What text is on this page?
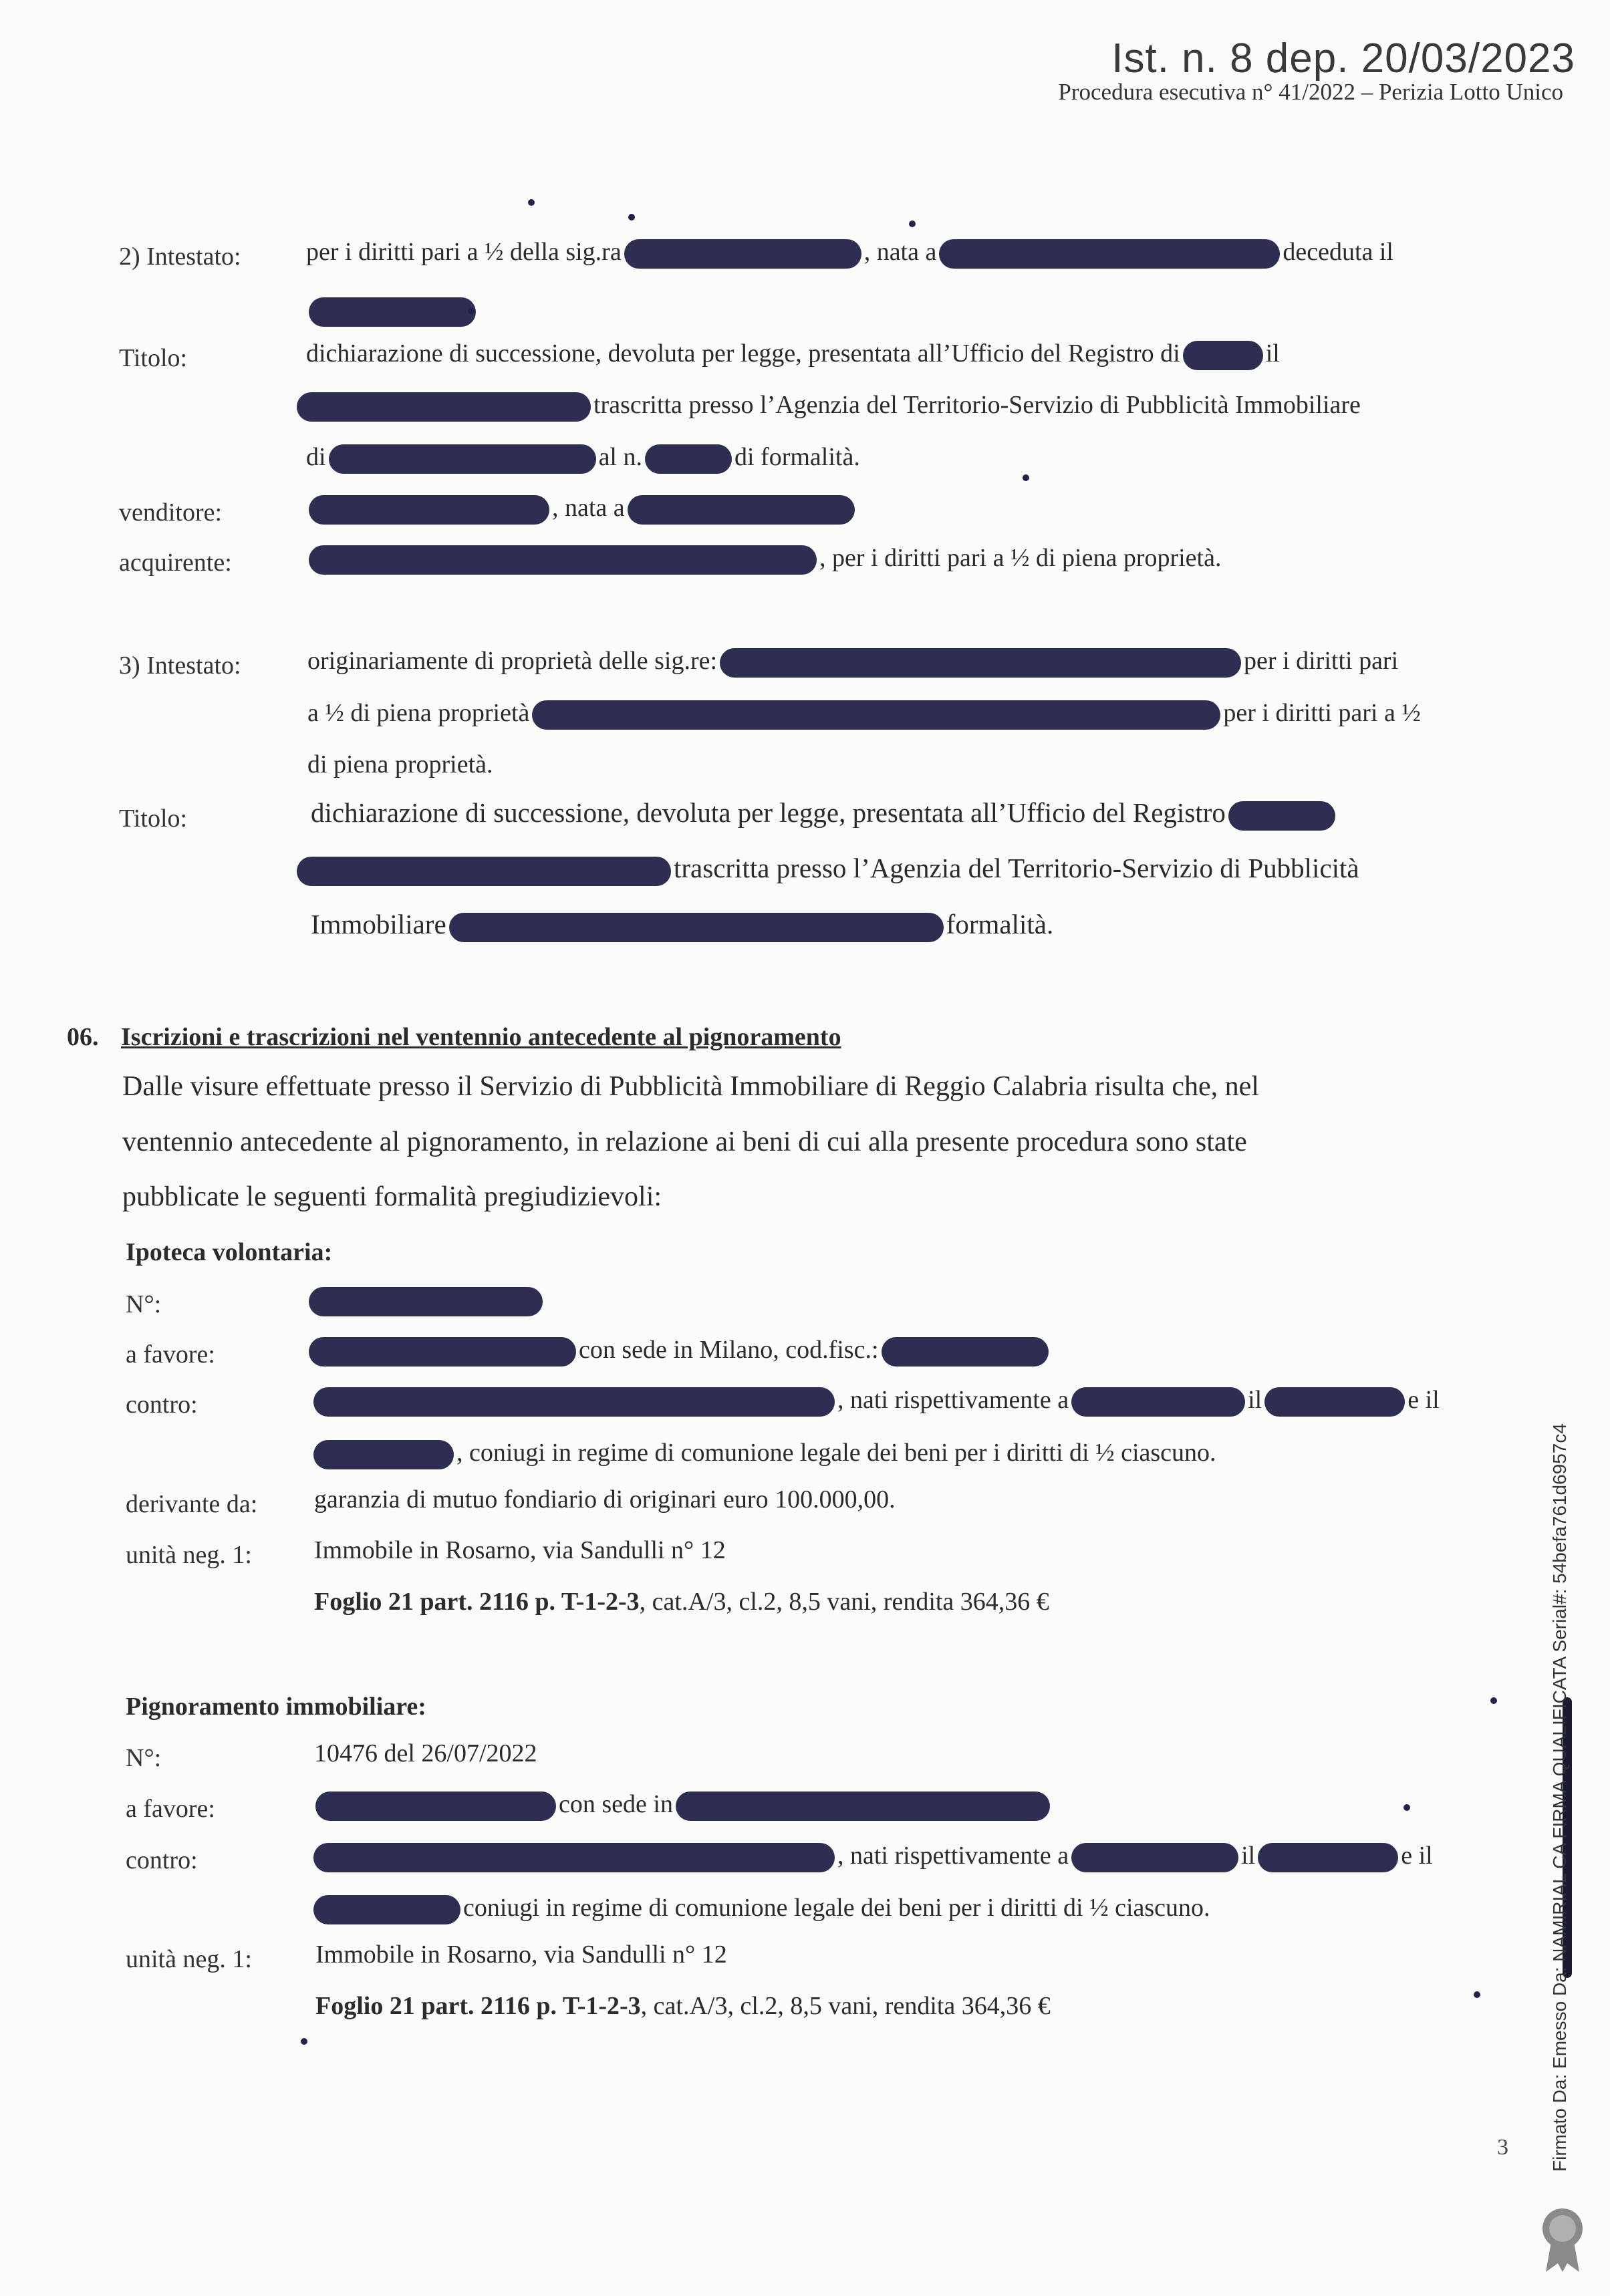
Ist. n. 8 dep. 20/03/2023
Procedura esecutiva n° 41/2022 – Perizia Lotto Unico
2) Intestato:	per i diritti pari a ½ della sig.ra	, nata a	deceduta il
Titolo:	dichiarazione di successione, devoluta per legge, presentata all’Ufficio del Registro di	il
trascritta presso l’Agenzia del Territorio-Servizio di Pubblicità Immobiliare
di	al n.	di formalità.
venditore:	, nata a
acquirente:	, per i diritti pari a ½ di piena proprietà.
3) Intestato:	originariamente di proprietà delle sig.re:	per i diritti pari
a ½ di piena proprietà	per i diritti pari a ½
di piena proprietà.
Titolo:	dichiarazione di successione, devoluta per legge, presentata all’Ufficio del Registro
trascritta presso l’Agenzia del Territorio-Servizio di Pubblicità
Immobiliare	formalità.
06. Iscrizioni e trascrizioni nel ventennio antecedente al pignoramento
Dalle visure effettuate presso il Servizio di Pubblicità Immobiliare di Reggio Calabria risulta che, nel
ventennio antecedente al pignoramento, in relazione ai beni di cui alla presente procedura sono state
pubblicate le seguenti formalità pregiudizievoli:
Ipoteca volontaria:
N°:
a favore:	con sede in Milano, cod.fisc.:
contro:	, nati rispettivamente a	il	e il
, coniugi in regime di comunione legale dei beni per i diritti di ½ ciascuno.
derivante da: garanzia di mutuo fondiario di originari euro 100.000,00.
unità neg. 1: Immobile in Rosarno, via Sandulli n° 12
Foglio 21 part. 2116 p. T-1-2-3, cat.A/3, cl.2, 8,5 vani, rendita 364,36 €
Pignoramento immobiliare:
N°:	10476 del 26/07/2022
a favore:	con sede in
contro:	, nati rispettivamente a	il	e il
coniugi in regime di comunione legale dei beni per i diritti di ½ ciascuno.
unità neg. 1:	Immobile in Rosarno, via Sandulli n° 12
Foglio 21 part. 2116 p. T-1-2-3, cat.A/3, cl.2, 8,5 vani, rendita 364,36 €
3 Firmato Da: Emesso Da: NAMIRIAL CA FIRMA QUALIFICATA Serial#: 54befa761d6957c4
